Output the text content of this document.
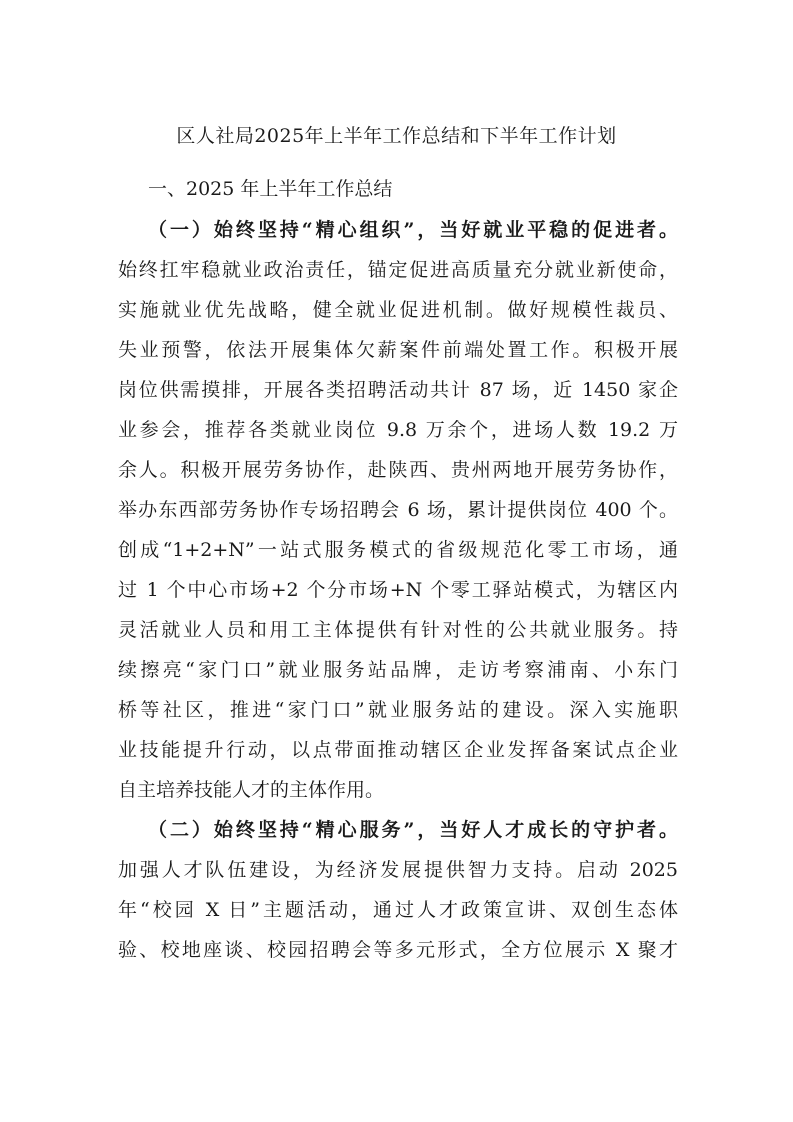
区人社局2025年上半年工作总结和下半年工作计划
一、2025 年上半年工作总结
（一）始终坚持“精心组织”，当好就业平稳的促进者。
始终扛牢稳就业政治责任，锚定促进高质量充分就业新使命，
实施就业优先战略，健全就业促进机制。做好规模性裁员、
失业预警，依法开展集体欠薪案件前端处置工作。积极开展
岗位供需摸排，开展各类招聘活动共计 87 场，近 1450 家企
业参会，推荐各类就业岗位 9.8 万余个，进场人数 19.2 万
余人。积极开展劳务协作，赴陕西、贵州两地开展劳务协作，
举办东西部劳务协作专场招聘会 6 场，累计提供岗位 400 个。
创成“1+2+N”一站式服务模式的省级规范化零工市场，通
过 1 个中心市场+2 个分市场+N 个零工驿站模式，为辖区内
灵活就业人员和用工主体提供有针对性的公共就业服务。持
续擦亮“家门口”就业服务站品牌，走访考察浦南、小东门
桥等社区，推进“家门口”就业服务站的建设。深入实施职
业技能提升行动，以点带面推动辖区企业发挥备案试点企业
自主培养技能人才的主体作用。
（二）始终坚持“精心服务”，当好人才成长的守护者。
加强人才队伍建设，为经济发展提供智力支持。启动 2025
年“校园 X 日”主题活动，通过人才政策宣讲、双创生态体
验、校地座谈、校园招聘会等多元形式，全方位展示 X 聚才
